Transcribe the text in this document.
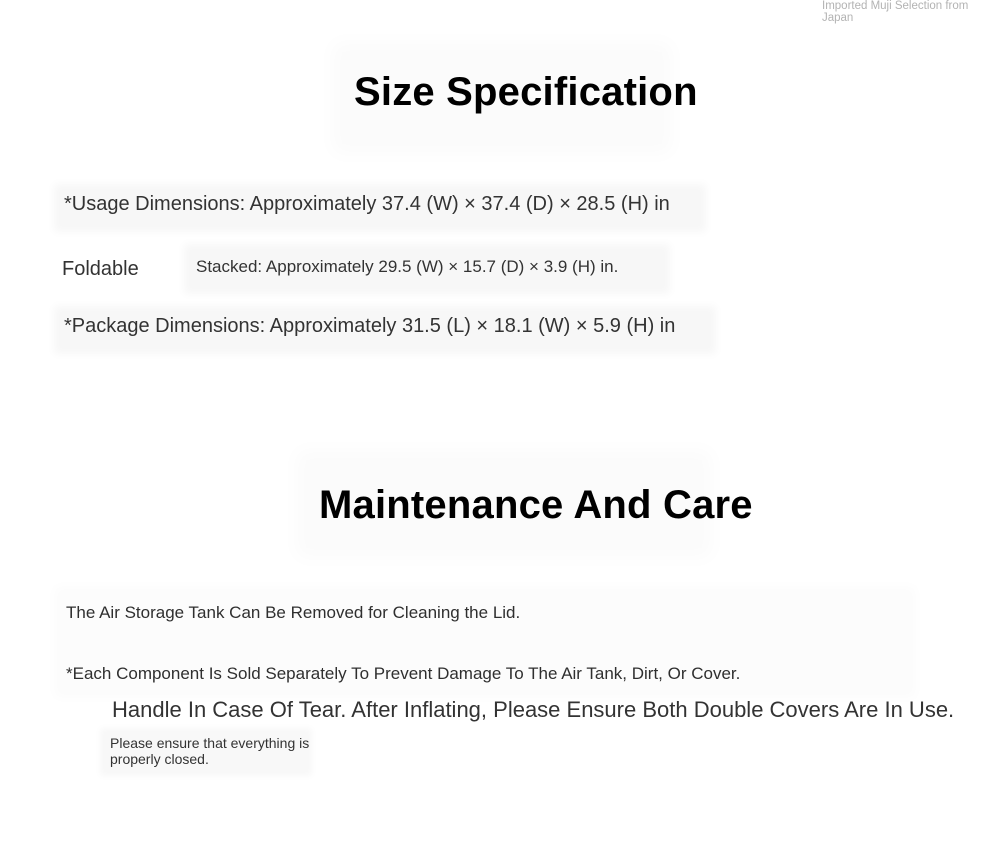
Imported Muji Selection from Japan
Size Specification
*Usage Dimensions: Approximately 37.4 (W) × 37.4 (D) × 28.5 (H) in
Foldable	Stacked: Approximately 29.5 (W) × 15.7 (D) × 3.9 (H) in.
*Package Dimensions: Approximately 31.5 (L) × 18.1 (W) × 5.9 (H) in
Maintenance And Care
The Air Storage Tank Can Be Removed for Cleaning the Lid.
*Each Component Is Sold Separately To Prevent Damage To The Air Tank, Dirt, Or Cover.
Handle In Case Of Tear. After Inflating, Please Ensure Both Double Covers Are In Use.
Please ensure that everything is properly closed.
